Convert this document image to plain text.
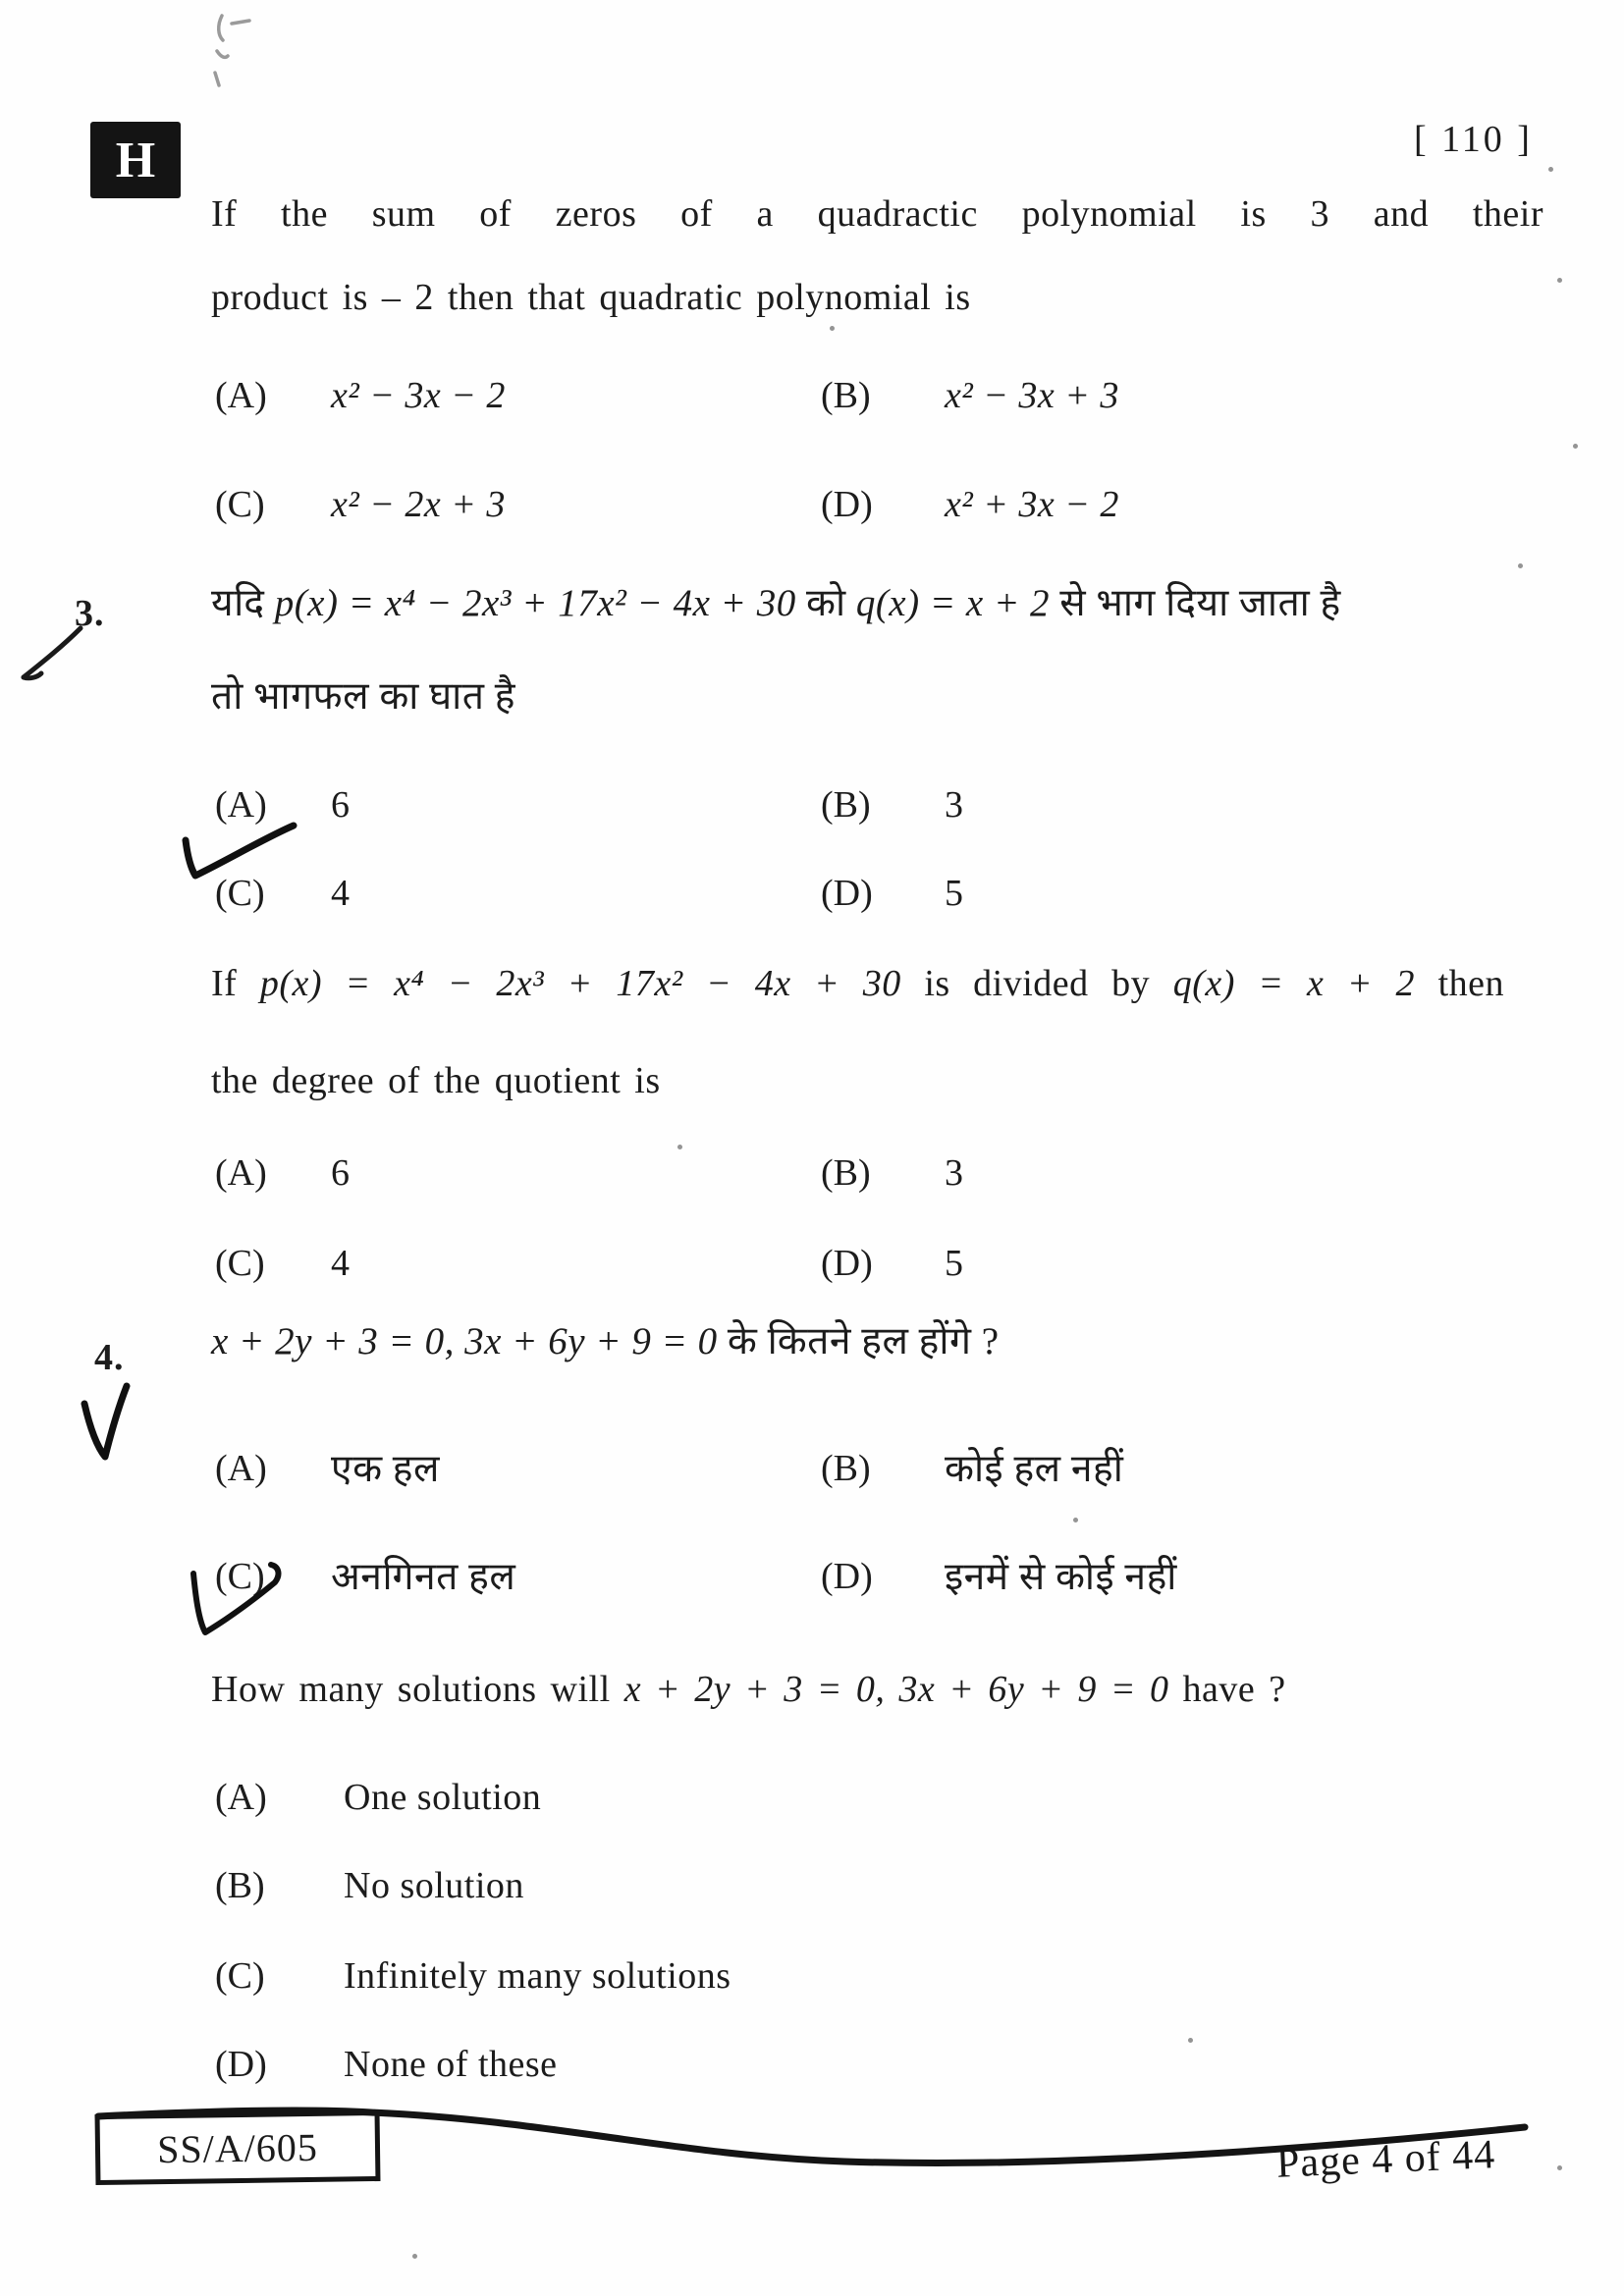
H	[ 110 ]
If the sum of zeros of a quadractic polynomial is 3 and their
product is – 2 then that quadratic polynomial is
(A)	x² − 3x − 2	(B)	x² − 3x + 3
(C)	x² − 2x + 3	(D)	x² + 3x − 2
3.	यदि p(x) = x⁴ − 2x³ + 17x² − 4x + 30 को q(x) = x + 2 से भाग दिया जाता है
तो भागफल का घात है
(A)	6	(B)	3
(C)	4	(D)	5
If p(x) = x⁴ − 2x³ + 17x² − 4x + 30 is divided by q(x) = x + 2 then
the degree of the quotient is
(A)	6	(B)	3
(C)	4	(D)	5
4. x + 2y + 3 = 0, 3x + 6y + 9 = 0 के कितने हल होंगे ?
(A)	एक हल	(B)	कोई हल नहीं
(C)	अनगिनत हल	(D)	इनमें से कोई नहीं
How many solutions will x + 2y + 3 = 0, 3x + 6y + 9 = 0 have ?
(A)	One solution
(B)	No solution
(C)	Infinitely many solutions
(D)	None of these
SS/A/605	Page 4 of 44
